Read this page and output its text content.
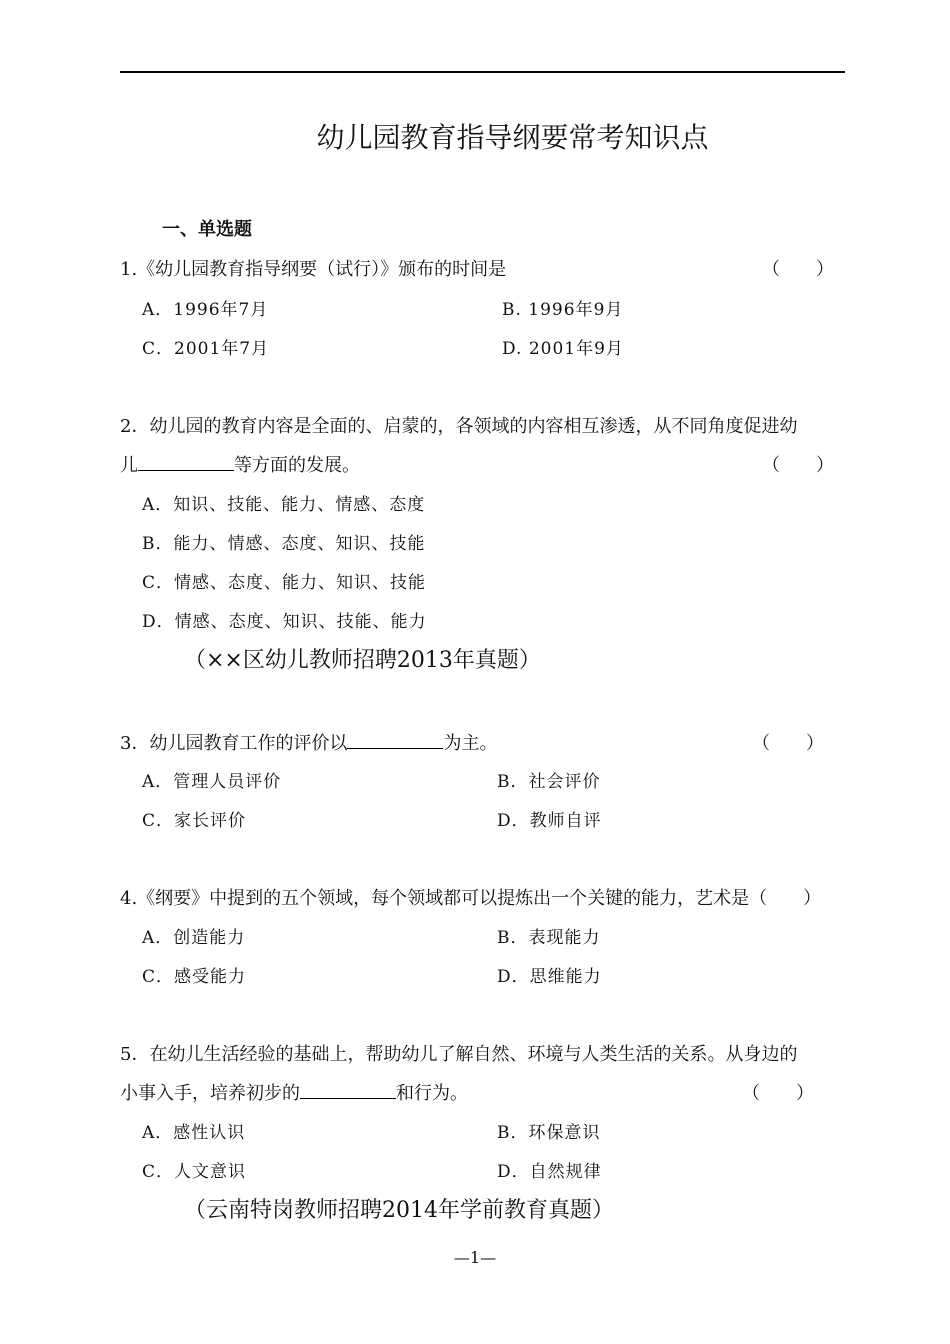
幼儿园教育指导纲要常考知识点
一、单选题
1.《幼儿园教育指导纲要（试行）》颁布的时间是	（　　）
A．1996年7月	B. 1996年9月
C．2001年7月	D. 2001年9月
2．幼儿园的教育内容是全面的、启蒙的，各领域的内容相互渗透，从不同角度促进幼
儿	等方面的发展。	（　　）
A．知识、技能、能力、情感、态度
B．能力、情感、态度、知识、技能
C．情感、态度、能力、知识、技能
D．情感、态度、知识、技能、能力
（××区幼儿教师招聘2013年真题）
3．幼儿园教育工作的评价以	为主。	（　　）
A．管理人员评价	B．社会评价
C．家长评价	D．教师自评
4.《纲要》中提到的五个领域，每个领域都可以提炼出一个关键的能力，艺术是（　　）
A．创造能力	B．表现能力
C．感受能力	D．思维能力
5．在幼儿生活经验的基础上，帮助幼儿了解自然、环境与人类生活的关系。从身边的
小事入手，培养初步的	和行为。	（　　）
A．感性认识	B．环保意识
C．人文意识	D．自然规律
（云南特岗教师招聘2014年学前教育真题）
—1—
